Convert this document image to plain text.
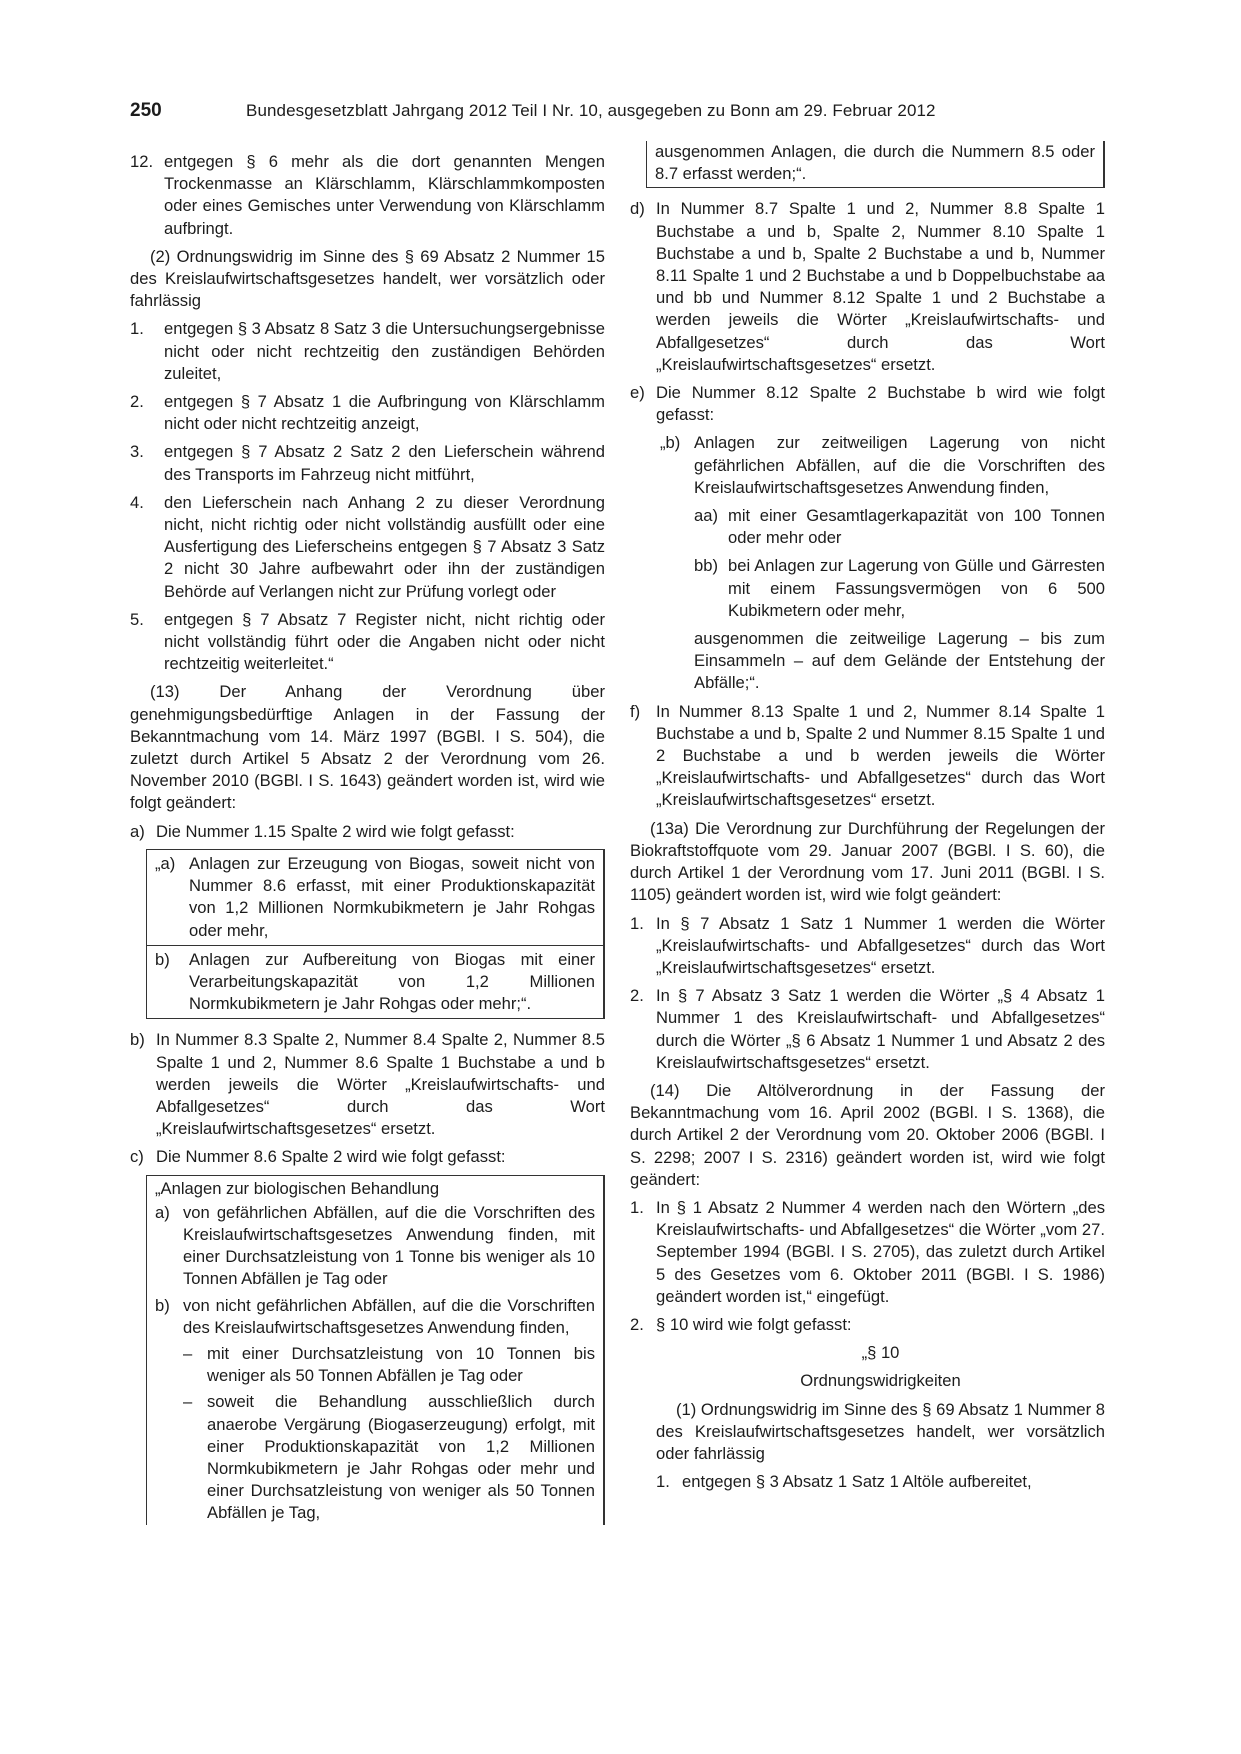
250	Bundesgesetzblatt Jahrgang 2012 Teil I Nr. 10, ausgegeben zu Bonn am 29. Februar 2012
12. entgegen § 6 mehr als die dort genannten Mengen Trockenmasse an Klärschlamm, Klärschlammkomposten oder eines Gemisches unter Verwendung von Klärschlamm aufbringt.

(2) Ordnungswidrig im Sinne des § 69 Absatz 2 Nummer 15 des Kreislaufwirtschaftsgesetzes handelt, wer vorsätzlich oder fahrlässig

1. entgegen § 3 Absatz 8 Satz 3 die Untersuchungsergebnisse nicht oder nicht rechtzeitig den zuständigen Behörden zuleitet,
2. entgegen § 7 Absatz 1 die Aufbringung von Klärschlamm nicht oder nicht rechtzeitig anzeigt,
3. entgegen § 7 Absatz 2 Satz 2 den Lieferschein während des Transports im Fahrzeug nicht mitführt,
4. den Lieferschein nach Anhang 2 zu dieser Verordnung nicht, nicht richtig oder nicht vollständig ausfüllt oder eine Ausfertigung des Lieferscheins entgegen § 7 Absatz 3 Satz 2 nicht 30 Jahre aufbewahrt oder ihn der zuständigen Behörde auf Verlangen nicht zur Prüfung vorlegt oder
5. entgegen § 7 Absatz 7 Register nicht, nicht richtig oder nicht vollständig führt oder die Angaben nicht oder nicht rechtzeitig weiterleitet.“

(13) Der Anhang der Verordnung über genehmigungsbedürftige Anlagen in der Fassung der Bekanntmachung vom 14. März 1997 (BGBl. I S. 504), die zuletzt durch Artikel 5 Absatz 2 der Verordnung vom 26. November 2010 (BGBl. I S. 1643) geändert worden ist, wird wie folgt geändert:

a) Die Nummer 1.15 Spalte 2 wird wie folgt gefasst:
„a) Anlagen zur Erzeugung von Biogas, soweit nicht von Nummer 8.6 erfasst, mit einer Produktionskapazität von 1,2 Millionen Normkubikmetern je Jahr Rohgas oder mehr,
b) Anlagen zur Aufbereitung von Biogas mit einer Verarbeitungskapazität von 1,2 Millionen Normkubikmetern je Jahr Rohgas oder mehr;“.
b) In Nummer 8.3 Spalte 2, Nummer 8.4 Spalte 2, Nummer 8.5 Spalte 1 und 2, Nummer 8.6 Spalte 1 Buchstabe a und b werden jeweils die Wörter „Kreislaufwirtschafts- und Abfallgesetzes“ durch das Wort „Kreislaufwirtschaftsgesetzes“ ersetzt.
c) Die Nummer 8.6 Spalte 2 wird wie folgt gefasst:
„Anlagen zur biologischen Behandlung
a) von gefährlichen Abfällen, auf die die Vorschriften des Kreislaufwirtschaftsgesetzes Anwendung finden, mit einer Durchsatzleistung von 1 Tonne bis weniger als 10 Tonnen Abfällen je Tag oder
b) von nicht gefährlichen Abfällen, auf die die Vorschriften des Kreislaufwirtschaftsgesetzes Anwendung finden,
– mit einer Durchsatzleistung von 10 Tonnen bis weniger als 50 Tonnen Abfällen je Tag oder
– soweit die Behandlung ausschließlich durch anaerobe Vergärung (Biogaserzeugung) erfolgt, mit einer Produktionskapazität von 1,2 Millionen Normkubikmetern je Jahr Rohgas oder mehr und einer Durchsatzleistung von weniger als 50 Tonnen Abfällen je Tag,
ausgenommen Anlagen, die durch die Nummern 8.5 oder 8.7 erfasst werden;“.
d) In Nummer 8.7 Spalte 1 und 2, Nummer 8.8 Spalte 1 Buchstabe a und b, Spalte 2, Nummer 8.10 Spalte 1 Buchstabe a und b, Spalte 2 Buchstabe a und b, Nummer 8.11 Spalte 1 und 2 Buchstabe a und b Doppelbuchstabe aa und bb und Nummer 8.12 Spalte 1 und 2 Buchstabe a werden jeweils die Wörter „Kreislaufwirtschafts- und Abfallgesetzes“ durch das Wort „Kreislaufwirtschaftsgesetzes“ ersetzt.
e) Die Nummer 8.12 Spalte 2 Buchstabe b wird wie folgt gefasst:
„b) Anlagen zur zeitweiligen Lagerung von nicht gefährlichen Abfällen, auf die die Vorschriften des Kreislaufwirtschaftsgesetzes Anwendung finden,
aa) mit einer Gesamtlagerkapazität von 100 Tonnen oder mehr oder
bb) bei Anlagen zur Lagerung von Gülle und Gärresten mit einem Fassungsvermögen von 6 500 Kubikmetern oder mehr,

ausgenommen die zeitweilige Lagerung – bis zum Einsammeln – auf dem Gelände der Entstehung der Abfälle;“.

f) In Nummer 8.13 Spalte 1 und 2, Nummer 8.14 Spalte 1 Buchstabe a und b, Spalte 2 und Nummer 8.15 Spalte 1 und 2 Buchstabe a und b werden jeweils die Wörter „Kreislaufwirtschafts- und Abfallgesetzes“ durch das Wort „Kreislaufwirtschaftsgesetzes“ ersetzt.

(13a) Die Verordnung zur Durchführung der Regelungen der Biokraftstoffquote vom 29. Januar 2007 (BGBl. I S. 60), die durch Artikel 1 der Verordnung vom 17. Juni 2011 (BGBl. I S. 1105) geändert worden ist, wird wie folgt geändert:

1. In § 7 Absatz 1 Satz 1 Nummer 1 werden die Wörter „Kreislaufwirtschafts- und Abfallgesetzes“ durch das Wort „Kreislaufwirtschaftsgesetzes“ ersetzt.
2. In § 7 Absatz 3 Satz 1 werden die Wörter „§ 4 Absatz 1 Nummer 1 des Kreislaufwirtschaft- und Abfallgesetzes“ durch die Wörter „§ 6 Absatz 1 Nummer 1 und Absatz 2 des Kreislaufwirtschaftsgesetzes“ ersetzt.

(14) Die Altölverordnung in der Fassung der Bekanntmachung vom 16. April 2002 (BGBl. I S. 1368), die durch Artikel 2 der Verordnung vom 20. Oktober 2006 (BGBl. I S. 2298; 2007 I S. 2316) geändert worden ist, wird wie folgt geändert:

1. In § 1 Absatz 2 Nummer 4 werden nach den Wörtern „des Kreislaufwirtschafts- und Abfallgesetzes“ die Wörter „vom 27. September 1994 (BGBl. I S. 2705), das zuletzt durch Artikel 5 des Gesetzes vom 6. Oktober 2011 (BGBl. I S. 1986) geändert worden ist,“ eingefügt.
2. § 10 wird wie folgt gefasst:
„§ 10
Ordnungswidrigkeiten

(1) Ordnungswidrig im Sinne des § 69 Absatz 1 Nummer 8 des Kreislaufwirtschaftsgesetzes handelt, wer vorsätzlich oder fahrlässig

1. entgegen § 3 Absatz 1 Satz 1 Altöle aufbereitet,
